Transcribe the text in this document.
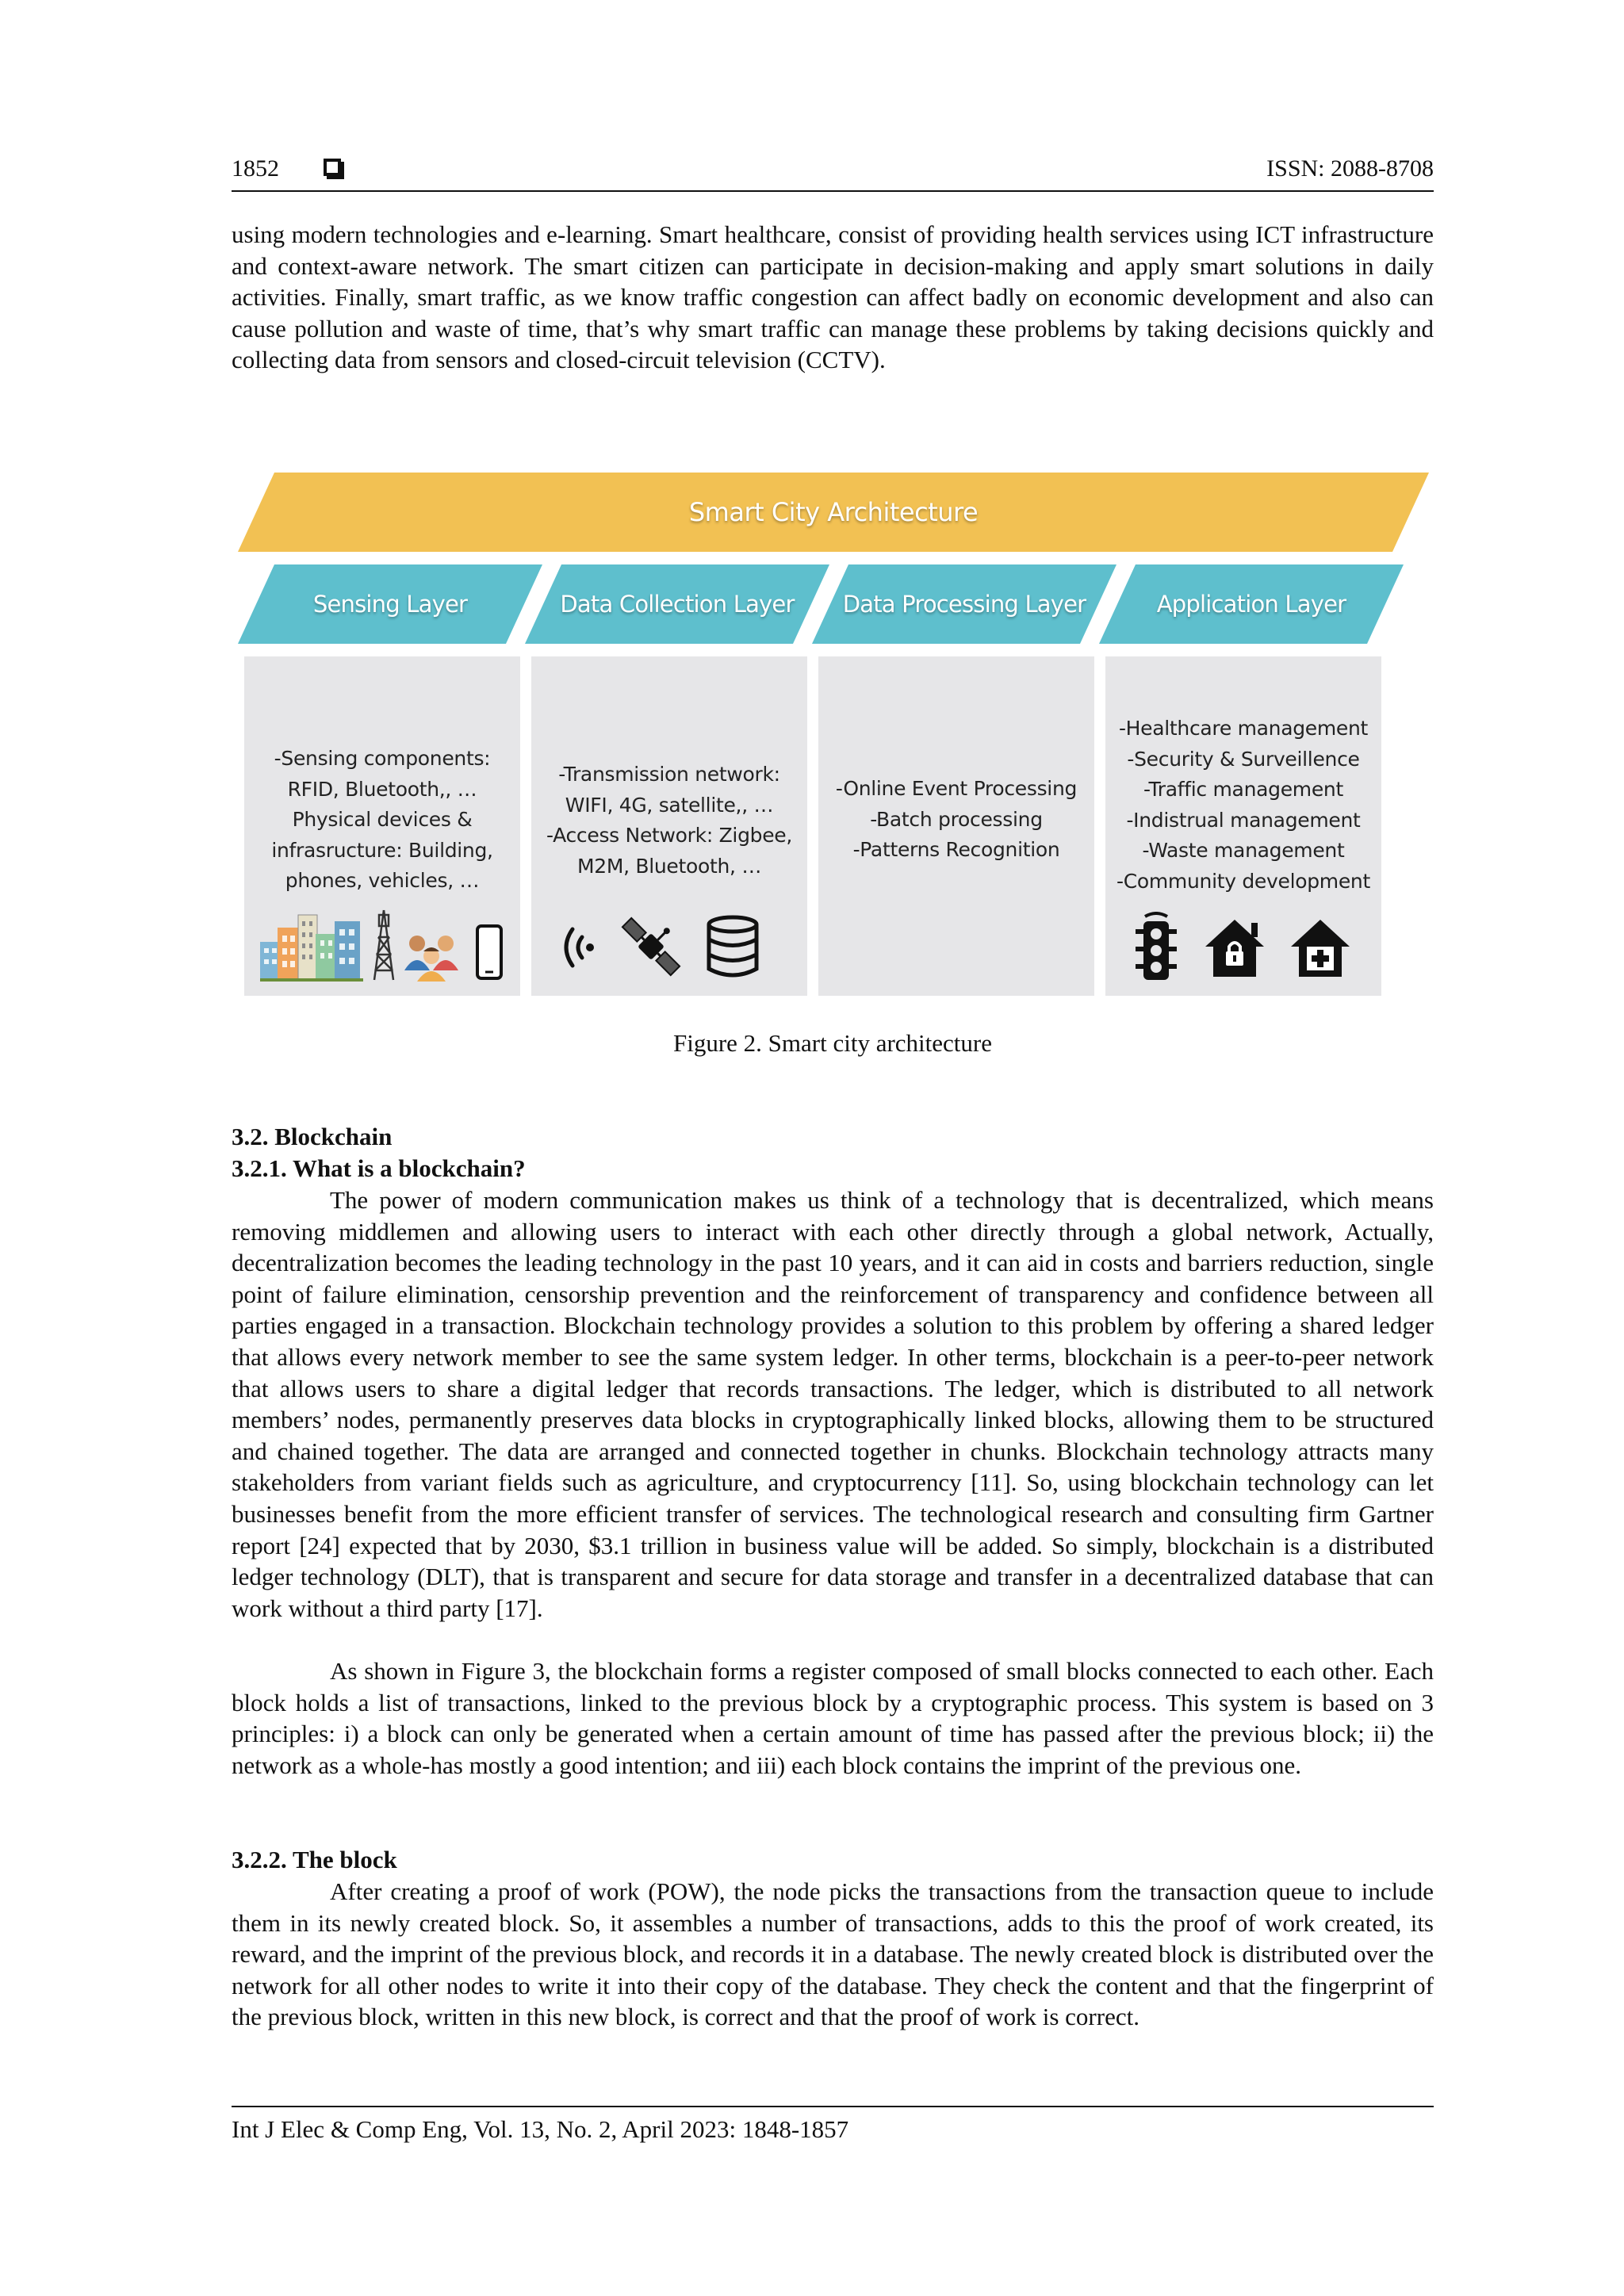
1852	ISSN: 2088-8708

using modern technologies and e-learning. Smart healthcare, consist of providing health services using ICT infrastructure and context-aware network. The smart citizen can participate in decision-making and apply smart solutions in daily activities. Finally, smart traffic, as we know traffic congestion can affect badly on economic development and also can cause pollution and waste of time, that’s why smart traffic can manage these problems by taking decisions quickly and collecting data from sensors and closed-circuit television (CCTV).

Smart City Architecture
Sensing Layer	Data Collection Layer	Data Processing Layer	Application Layer
-Sensing components:
RFID, Bluetooth,, …
Physical devices &
infrasructure: Building,
phones, vehicles, …
-Transmission network:
WIFI, 4G, satellite,, …
-Access Network: Zigbee,
M2M, Bluetooth, …
-Online Event Processing
-Batch processing
-Patterns Recognition
-Healthcare management
-Security & Surveillence
-Traffic management
-Indistrual management
-Waste management
-Community development

Figure 2. Smart city architecture

3.2. Blockchain

3.2.1. What is a blockchain?

The power of modern communication makes us think of a technology that is decentralized, which means removing middlemen and allowing users to interact with each other directly through a global network, Actually, decentralization becomes the leading technology in the past 10 years, and it can aid in costs and barriers reduction, single point of failure elimination, censorship prevention and the reinforcement of transparency and confidence between all parties engaged in a transaction. Blockchain technology provides a solution to this problem by offering a shared ledger that allows every network member to see the same system ledger. In other terms, blockchain is a peer-to-peer network that allows users to share a digital ledger that records transactions. The ledger, which is distributed to all network members’ nodes, permanently preserves data blocks in cryptographically linked blocks, allowing them to be structured and chained together. The data are arranged and connected together in chunks. Blockchain technology attracts many stakeholders from variant fields such as agriculture, and cryptocurrency [11]. So, using blockchain technology can let businesses benefit from the more efficient transfer of services. The technological research and consulting firm Gartner report [24] expected that by 2030, $3.1 trillion in business value will be added. So simply, blockchain is a distributed ledger technology (DLT), that is transparent and secure for data storage and transfer in a decentralized database that can work without a third party [17].

As shown in Figure 3, the blockchain forms a register composed of small blocks connected to each other. Each block holds a list of transactions, linked to the previous block by a cryptographic process. This system is based on 3 principles: i) a block can only be generated when a certain amount of time has passed after the previous block; ii) the network as a whole-has mostly a good intention; and iii) each block contains the imprint of the previous one.

3.2.2. The block

After creating a proof of work (POW), the node picks the transactions from the transaction queue to include them in its newly created block. So, it assembles a number of transactions, adds to this the proof of work created, its reward, and the imprint of the previous block, and records it in a database. The newly created block is distributed over the network for all other nodes to write it into their copy of the database. They check the content and that the fingerprint of the previous block, written in this new block, is correct and that the proof of work is correct.

Int J Elec & Comp Eng, Vol. 13, No. 2, April 2023: 1848-1857
